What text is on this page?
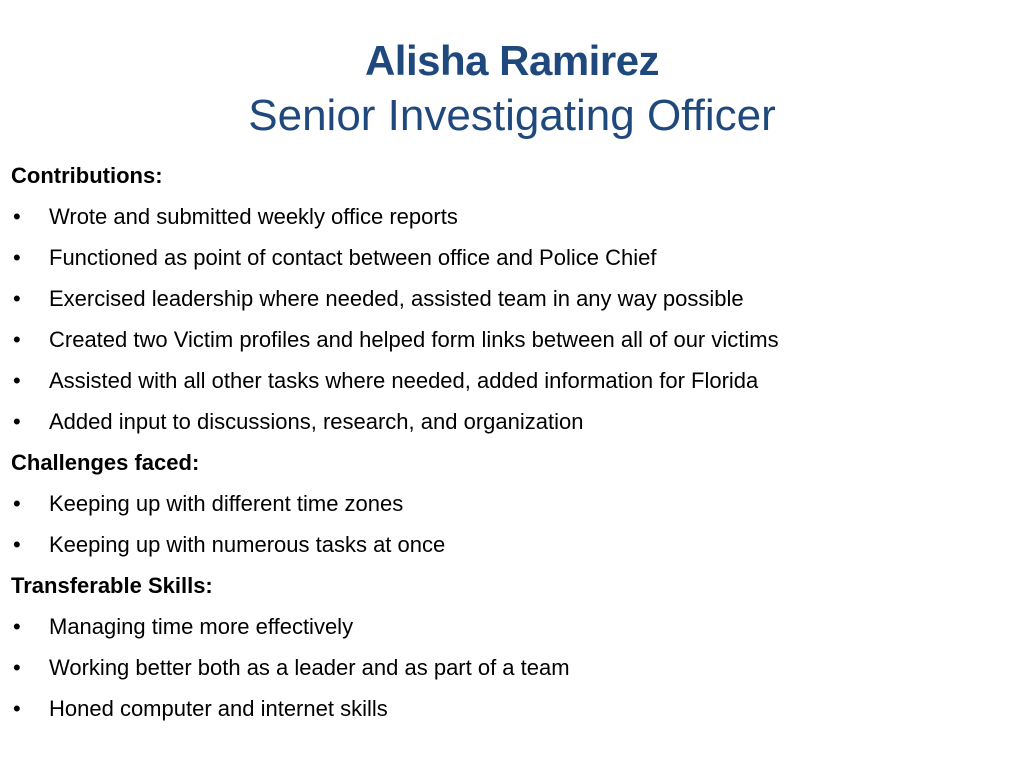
Alisha Ramirez
Senior Investigating Officer
Contributions:
• Wrote and submitted weekly office reports
• Functioned as point of contact between office and Police Chief
• Exercised leadership where needed, assisted team in any way possible
• Created two Victim profiles and helped form links between all of our victims
• Assisted with all other tasks where needed, added information for Florida
• Added input to discussions, research, and organization
Challenges faced:
• Keeping up with different time zones
• Keeping up with numerous tasks at once
Transferable Skills:
• Managing time more effectively
• Working better both as a leader and as part of a team
• Honed computer and internet skills
